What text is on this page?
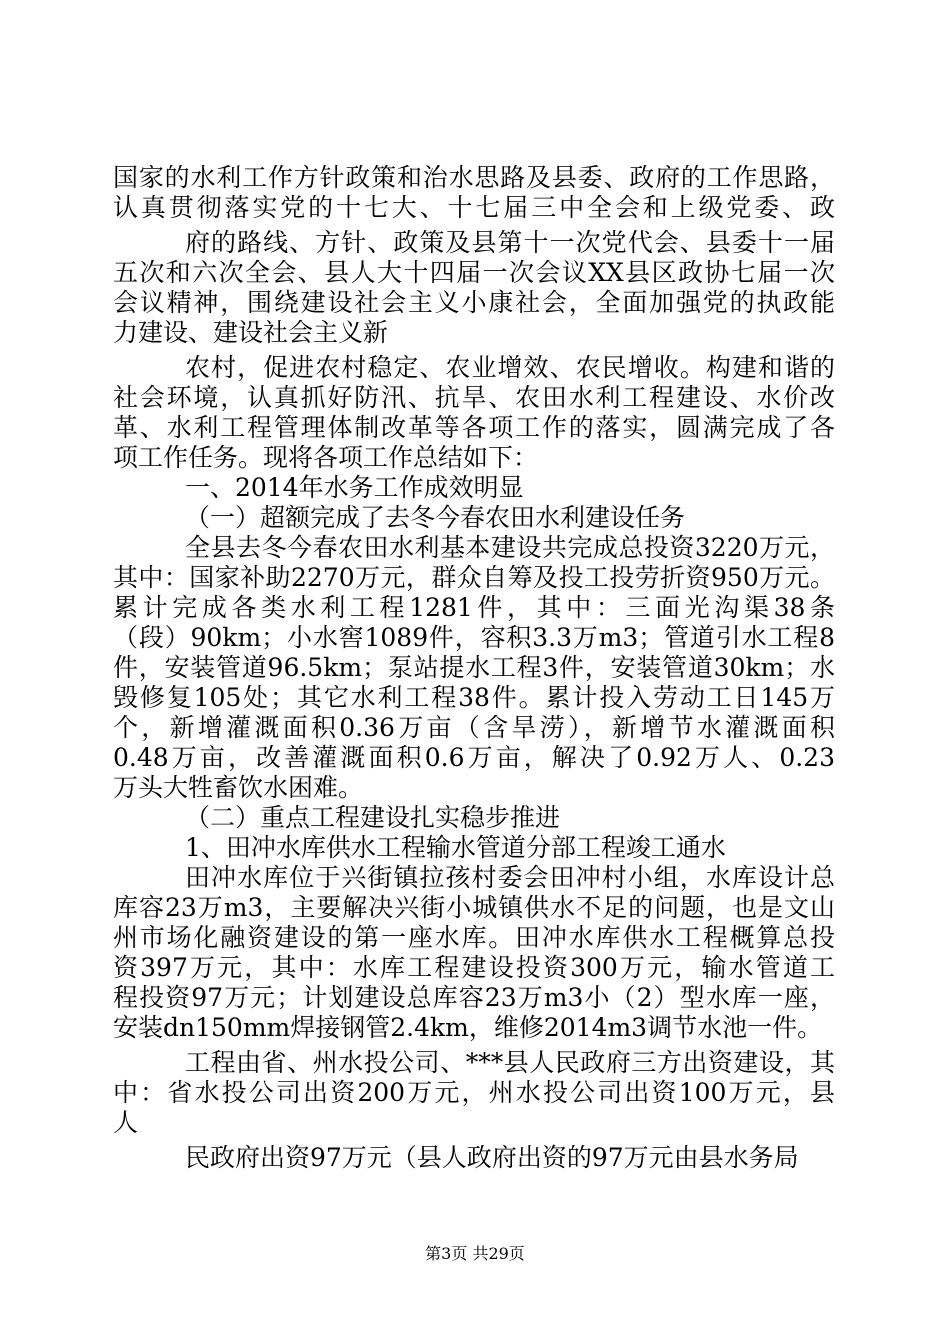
国家的水利工作方针政策和治水思路及县委、政府的工作思路，
认真贯彻落实党的十七大、十七届三中全会和上级党委、政
府的路线、方针、政策及县第十一次党代会、县委十一届
五次和六次全会、县人大十四届一次会议XX县区政协七届一次
会议精神，围绕建设社会主义小康社会，全面加强党的执政能
力建设、建设社会主义新
农村，促进农村稳定、农业增效、农民增收。构建和谐的
社会环境，认真抓好防汛、抗旱、农田水利工程建设、水价改
革、水利工程管理体制改革等各项工作的落实，圆满完成了各
项工作任务。现将各项工作总结如下：
一、2014年水务工作成效明显
（一）超额完成了去冬今春农田水利建设任务
全县去冬今春农田水利基本建设共完成总投资3220万元，
其中：国家补助2270万元，群众自筹及投工投劳折资950万元。
累计完成各类水利工程1281件，其中：三面光沟渠38条
（段）90km；小水窖1089件，容积3.3万m3；管道引水工程8
件，安装管道96.5km；泵站提水工程3件，安装管道30km；水
毁修复105处；其它水利工程38件。累计投入劳动工日145万
个，新增灌溉面积0.36万亩（含旱涝），新增节水灌溉面积
0.48万亩，改善灌溉面积0.6万亩，解决了0.92万人、0.23
万头大牲畜饮水困难。
（二）重点工程建设扎实稳步推进
1、田冲水库供水工程输水管道分部工程竣工通水
田冲水库位于兴街镇拉孩村委会田冲村小组，水库设计总
库容23万m3，主要解决兴街小城镇供水不足的问题，也是文山
州市场化融资建设的第一座水库。田冲水库供水工程概算总投
资397万元，其中：水库工程建设投资300万元，输水管道工
程投资97万元；计划建设总库容23万m3小（2）型水库一座，
安装dn150mm焊接钢管2.4km，维修2014m3调节水池一件。
工程由省、州水投公司、***县人民政府三方出资建设，其
中：省水投公司出资200万元，州水投公司出资100万元，县
人
民政府出资97万元（县人政府出资的97万元由县水务局
第3页 共29页
